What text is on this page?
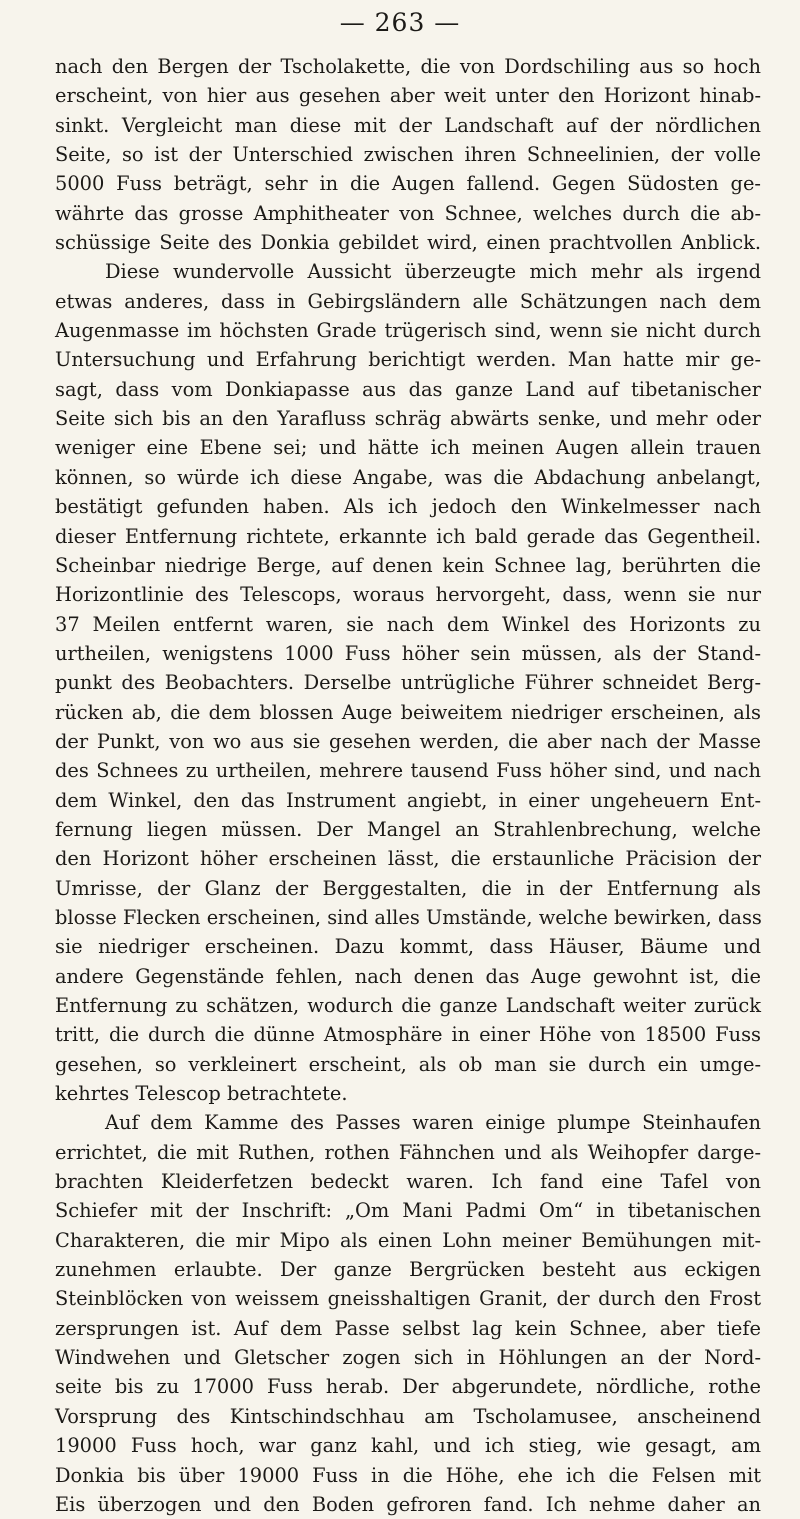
— 263 —
nach den Bergen der Tscholakette, die von Dordschiling aus so hoch
erscheint, von hier aus gesehen aber weit unter den Horizont hinab-
sinkt. Vergleicht man diese mit der Landschaft auf der nördlichen
Seite, so ist der Unterschied zwischen ihren Schneelinien, der volle
5000 Fuss beträgt, sehr in die Augen fallend. Gegen Südosten ge-
währte das grosse Amphitheater von Schnee, welches durch die ab-
schüssige Seite des Donkia gebildet wird, einen prachtvollen Anblick.
Diese wundervolle Aussicht überzeugte mich mehr als irgend
etwas anderes, dass in Gebirgsländern alle Schätzungen nach dem
Augenmasse im höchsten Grade trügerisch sind, wenn sie nicht durch
Untersuchung und Erfahrung berichtigt werden. Man hatte mir ge-
sagt, dass vom Donkiapasse aus das ganze Land auf tibetanischer
Seite sich bis an den Yarafluss schräg abwärts senke, und mehr oder
weniger eine Ebene sei; und hätte ich meinen Augen allein trauen
können, so würde ich diese Angabe, was die Abdachung anbelangt,
bestätigt gefunden haben. Als ich jedoch den Winkelmesser nach
dieser Entfernung richtete, erkannte ich bald gerade das Gegentheil.
Scheinbar niedrige Berge, auf denen kein Schnee lag, berührten die
Horizontlinie des Telescops, woraus hervorgeht, dass, wenn sie nur
37 Meilen entfernt waren, sie nach dem Winkel des Horizonts zu
urtheilen, wenigstens 1000 Fuss höher sein müssen, als der Stand-
punkt des Beobachters. Derselbe untrügliche Führer schneidet Berg-
rücken ab, die dem blossen Auge beiweitem niedriger erscheinen, als
der Punkt, von wo aus sie gesehen werden, die aber nach der Masse
des Schnees zu urtheilen, mehrere tausend Fuss höher sind, und nach
dem Winkel, den das Instrument angiebt, in einer ungeheuern Ent-
fernung liegen müssen. Der Mangel an Strahlenbrechung, welche
den Horizont höher erscheinen lässt, die erstaunliche Präcision der
Umrisse, der Glanz der Berggestalten, die in der Entfernung als
blosse Flecken erscheinen, sind alles Umstände, welche bewirken, dass
sie niedriger erscheinen. Dazu kommt, dass Häuser, Bäume und
andere Gegenstände fehlen, nach denen das Auge gewohnt ist, die
Entfernung zu schätzen, wodurch die ganze Landschaft weiter zurück
tritt, die durch die dünne Atmosphäre in einer Höhe von 18500 Fuss
gesehen, so verkleinert erscheint, als ob man sie durch ein umge-
kehrtes Telescop betrachtete.
Auf dem Kamme des Passes waren einige plumpe Steinhaufen
errichtet, die mit Ruthen, rothen Fähnchen und als Weihopfer darge-
brachten Kleiderfetzen bedeckt waren. Ich fand eine Tafel von
Schiefer mit der Inschrift: „Om Mani Padmi Om“ in tibetanischen
Charakteren, die mir Mipo als einen Lohn meiner Bemühungen mit-
zunehmen erlaubte. Der ganze Bergrücken besteht aus eckigen
Steinblöcken von weissem gneisshaltigen Granit, der durch den Frost
zersprungen ist. Auf dem Passe selbst lag kein Schnee, aber tiefe
Windwehen und Gletscher zogen sich in Höhlungen an der Nord-
seite bis zu 17000 Fuss herab. Der abgerundete, nördliche, rothe
Vorsprung des Kintschindschhau am Tscholamusee, anscheinend
19000 Fuss hoch, war ganz kahl, und ich stieg, wie gesagt, am
Donkia bis über 19000 Fuss in die Höhe, ehe ich die Felsen mit
Eis überzogen und den Boden gefroren fand. Ich nehme daher an
